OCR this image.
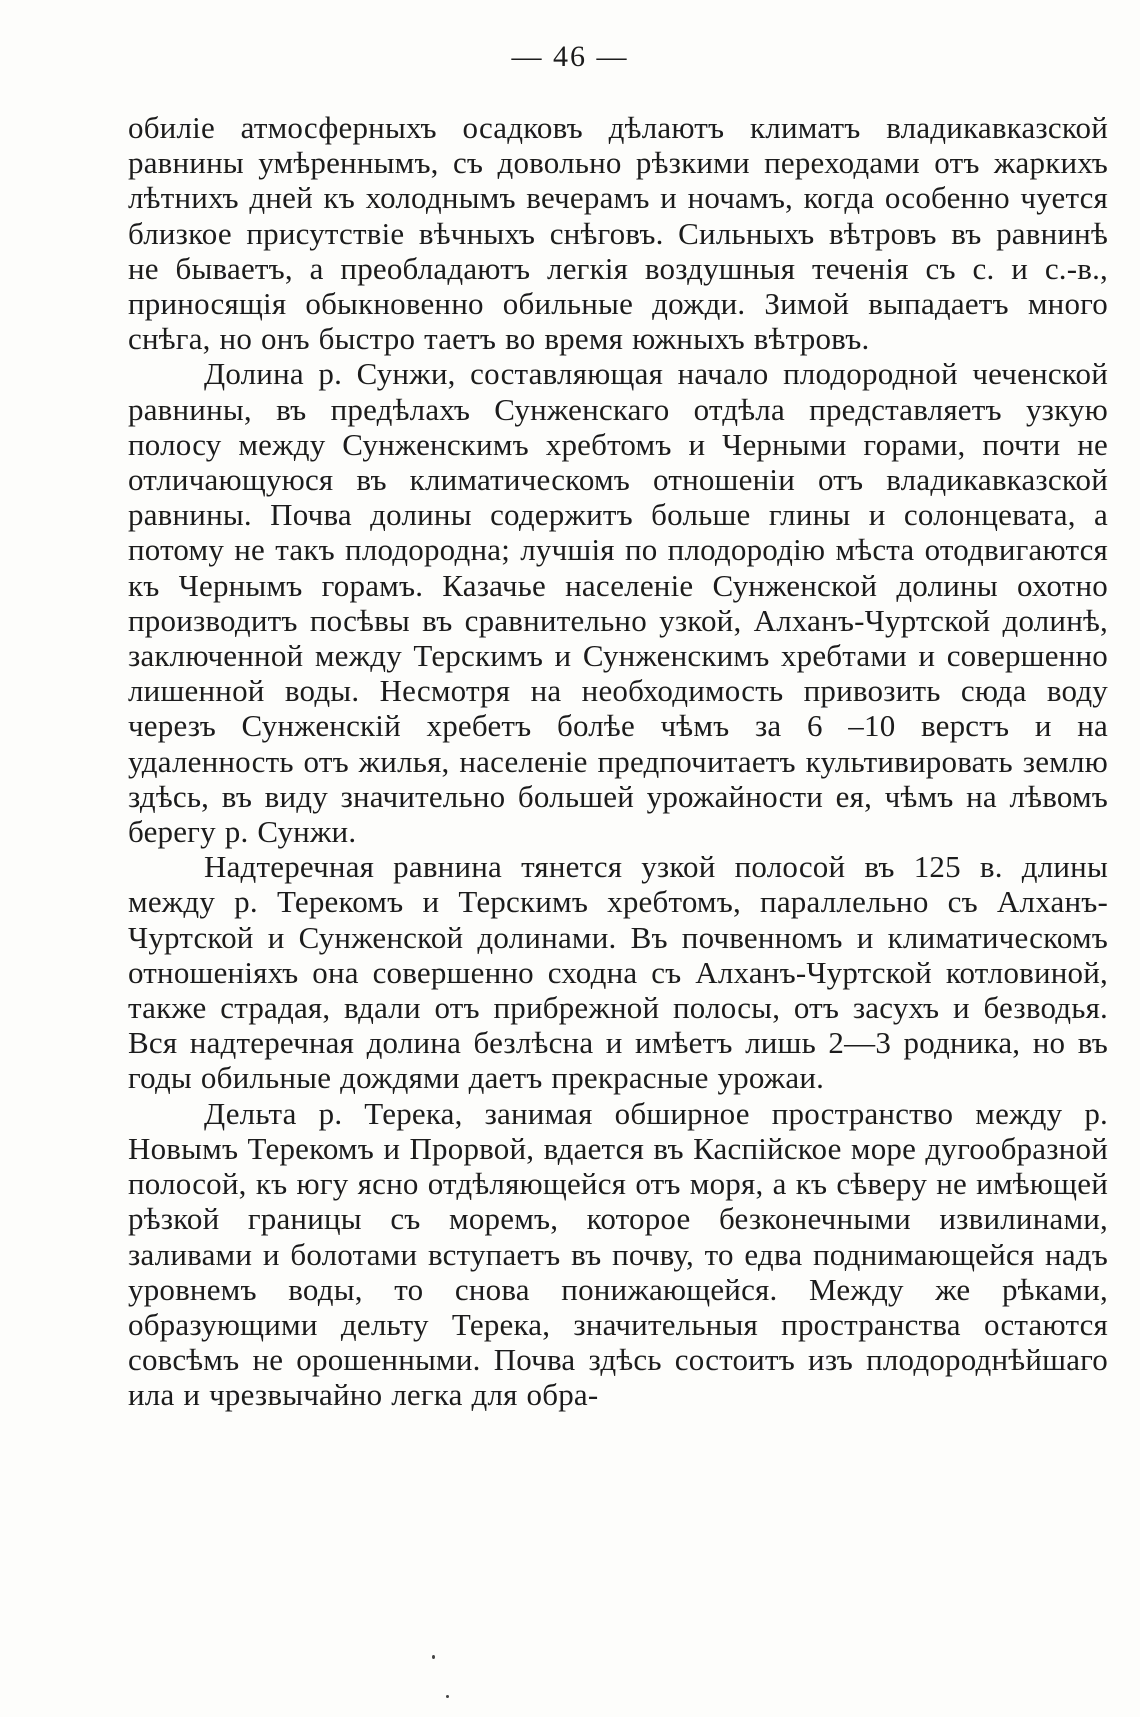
— 46 —

обиліе атмосферныхъ осадковъ дѣлаютъ климатъ владикавказской равнины умѣреннымъ, съ довольно рѣзкими переходами отъ жаркихъ лѣтнихъ дней къ холоднымъ вечерамъ и ночамъ, когда особенно чуется близкое присутствіе вѣчныхъ снѣговъ. Сильныхъ вѣтровъ въ равнинѣ не бываетъ, а преобладаютъ легкія воздушныя теченія съ с. и с.-в., приносящія обыкновенно обильные дожди. Зимой выпадаетъ много снѣга, но онъ быстро таетъ во время южныхъ вѣтровъ.

Долина р. Сунжи, составляющая начало плодородной чеченской равнины, въ предѣлахъ Сунженскаго отдѣла представляетъ узкую полосу между Сунженскимъ хребтомъ и Черными горами, почти не отличающуюся въ климатическомъ отношеніи отъ владикавказской равнины. Почва долины содержитъ больше глины и солонцевата, а потому не такъ плодородна; лучшія по плодородію мѣста отодвигаются къ Чернымъ горамъ. Казачье населеніе Сунженской долины охотно производитъ посѣвы въ сравнительно узкой, Алханъ-Чуртской долинѣ, заключенной между Терскимъ и Сунженскимъ хребтами и совершенно лишенной воды. Несмотря на необходимость привозить сюда воду черезъ Сунженскій хребетъ болѣе чѣмъ за 6 –10 верстъ и на удаленность отъ жилья, населеніе предпочитаетъ культивировать землю здѣсь, въ виду значительно большей урожайности ея, чѣмъ на лѣвомъ берегу р. Сунжи.

Надтеречная равнина тянется узкой полосой въ 125 в. длины между р. Терекомъ и Терскимъ хребтомъ, параллельно съ Алханъ-Чуртской и Сунженской долинами. Въ почвенномъ и климатическомъ отношеніяхъ она совершенно сходна съ Алханъ-Чуртской котловиной, также страдая, вдали отъ прибрежной полосы, отъ засухъ и безводья. Вся надтеречная долина безлѣсна и имѣетъ лишь 2—3 родника, но въ годы обильные дождями даетъ прекрасные урожаи.

Дельта р. Терека, занимая обширное пространство между р. Новымъ Терекомъ и Прорвой, вдается въ Каспійское море дугообразной полосой, къ югу ясно отдѣляющейся отъ моря, а къ сѣверу не имѣющей рѣзкой границы съ моремъ, которое безконечными извилинами, заливами и болотами вступаетъ въ почву, то едва поднимающейся надъ уровнемъ воды, то снова понижающейся. Между же рѣками, образующими дельту Терека, значительныя пространства остаются совсѣмъ не орошенными. Почва здѣсь состоитъ изъ плодороднѣйшаго ила и чрезвычайно легка для обра-
